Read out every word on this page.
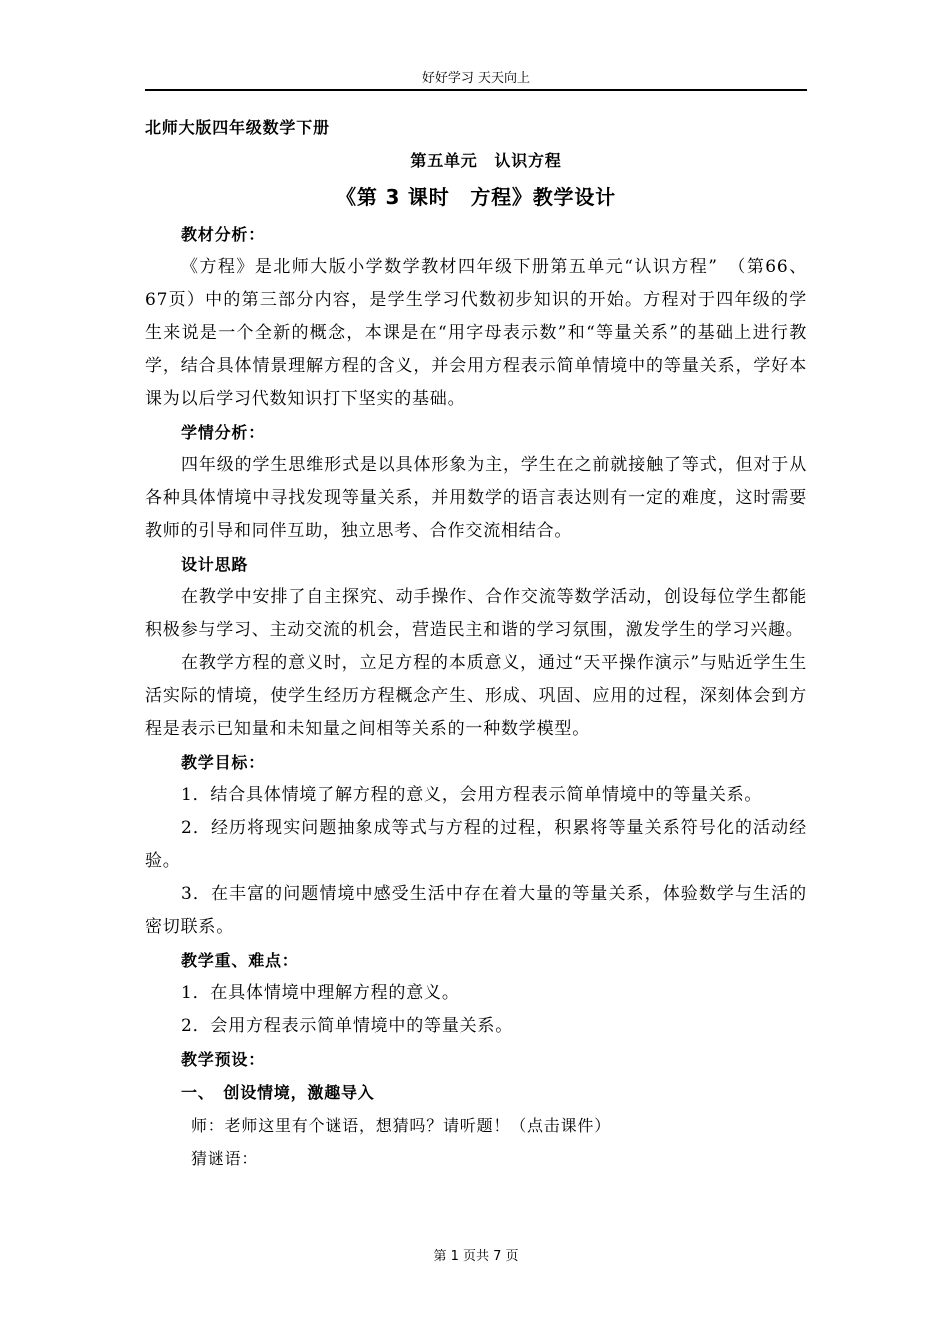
好好学习 天天向上

北师大版四年级数学下册

第五单元　认识方程

《第 3 课时　方程》教学设计

教材分析：

《方程》是北师大版小学数学教材四年级下册第五单元“认识方程”　（第66、67页）中的第三部分内容，是学生学习代数初步知识的开始。方程对于四年级的学生来说是一个全新的概念，本课是在“用字母表示数”和“等量关系”的基础上进行教学，结合具体情景理解方程的含义，并会用方程表示简单情境中的等量关系，学好本课为以后学习代数知识打下坚实的基础。

学情分析：

四年级的学生思维形式是以具体形象为主，学生在之前就接触了等式，但对于从各种具体情境中寻找发现等量关系，并用数学的语言表达则有一定的难度，这时需要教师的引导和同伴互助，独立思考、合作交流相结合。

设计思路

在教学中安排了自主探究、动手操作、合作交流等数学活动，创设每位学生都能积极参与学习、主动交流的机会，营造民主和谐的学习氛围，激发学生的学习兴趣。

在教学方程的意义时，立足方程的本质意义，通过“天平操作演示”与贴近学生生活实际的情境，使学生经历方程概念产生、形成、巩固、应用的过程，深刻体会到方程是表示已知量和未知量之间相等关系的一种数学模型。

教学目标：

1．结合具体情境了解方程的意义，会用方程表示简单情境中的等量关系。

2．经历将现实问题抽象成等式与方程的过程，积累将等量关系符号化的活动经验。

3．在丰富的问题情境中感受生活中存在着大量的等量关系，体验数学与生活的密切联系。

教学重、难点：

1．在具体情境中理解方程的意义。

2．会用方程表示简单情境中的等量关系。

教学预设：

一、　创设情境，激趣导入

师：老师这里有个谜语，想猜吗？请听题！（点击课件）

猜谜语：

第 1 页共 7 页
